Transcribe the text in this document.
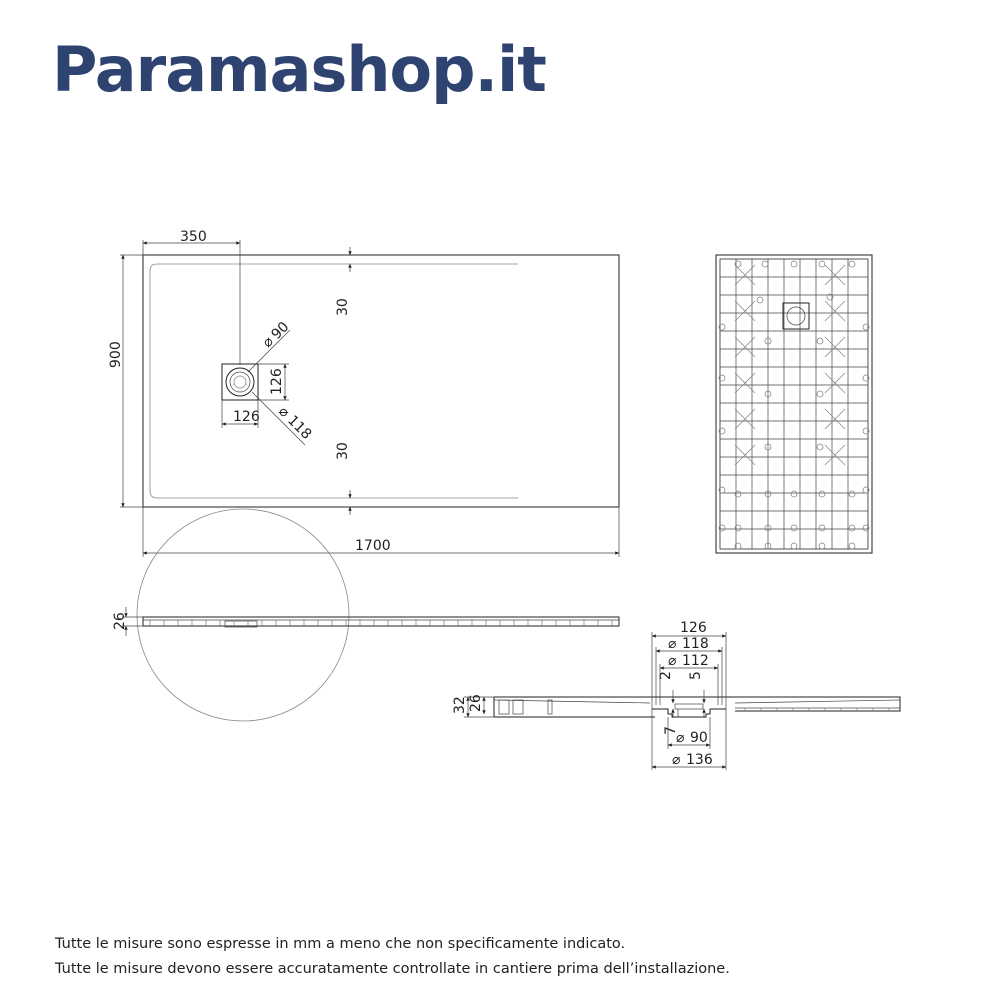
Paramashop.it
350
900
1700
30
30
126
126
⌀
90
⌀
118
26	126
⌀ 118
⌀ 112
2 5
32 26
7
⌀ 90
⌀ 136
Tutte le misure sono espresse in mm a meno che non specificamente indicato.
Tutte le misure devono essere accuratamente controllate in cantiere prima dell’installazione.
